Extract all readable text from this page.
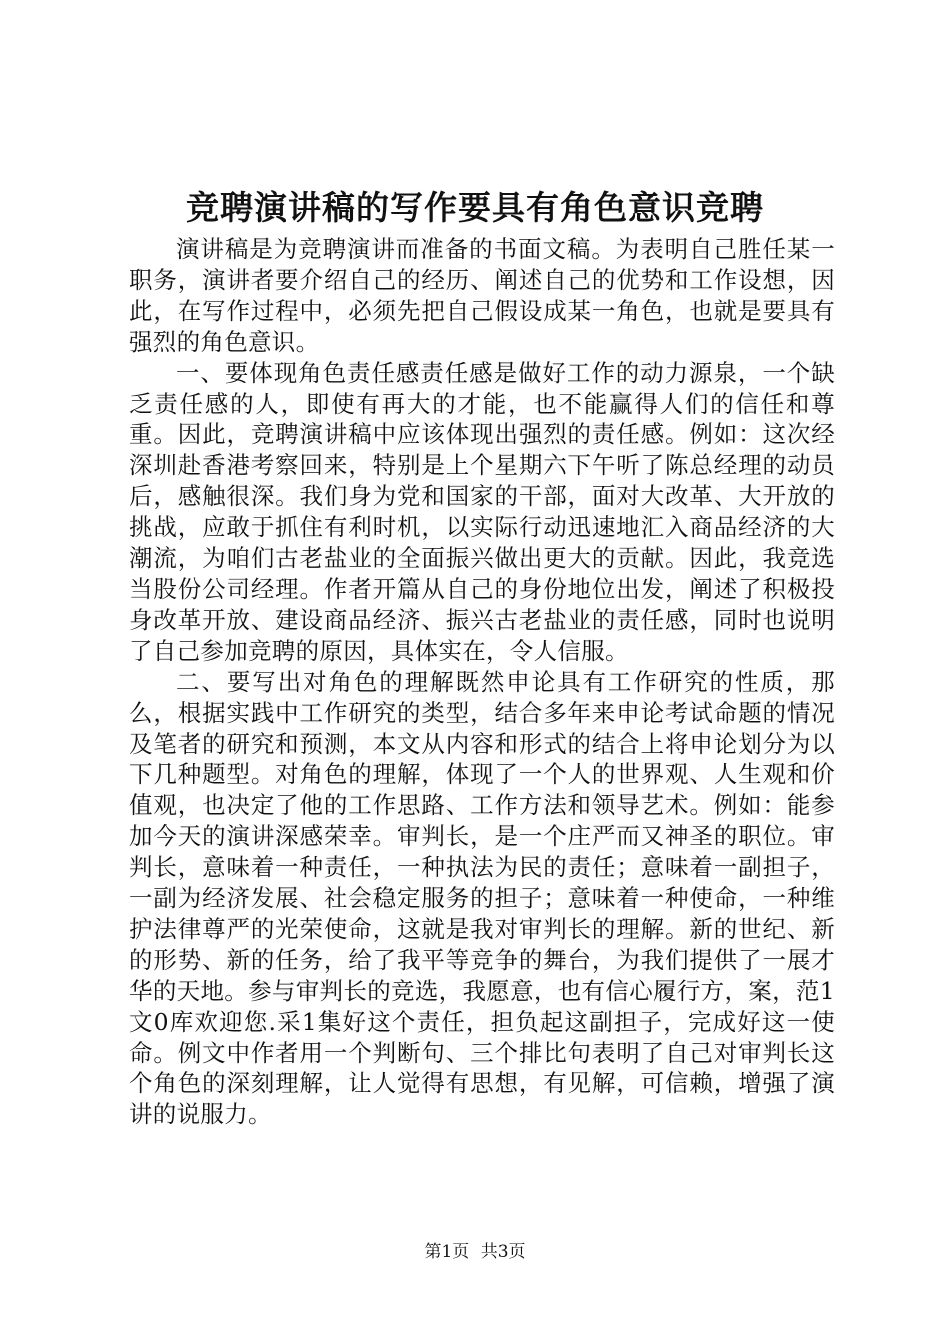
竞聘演讲稿的写作要具有角色意识竞聘

演讲稿是为竞聘演讲而准备的书面文稿。为表明自己胜任某一职务，演讲者要介绍自己的经历、阐述自己的优势和工作设想，因此，在写作过程中，必须先把自己假设成某一角色，也就是要具有强烈的角色意识。

一、要体现角色责任感责任感是做好工作的动力源泉，一个缺乏责任感的人，即使有再大的才能，也不能赢得人们的信任和尊重。因此，竞聘演讲稿中应该体现出强烈的责任感。例如：这次经深圳赴香港考察回来，特别是上个星期六下午听了陈总经理的动员后，感触很深。我们身为党和国家的干部，面对大改革、大开放的挑战，应敢于抓住有利时机，以实际行动迅速地汇入商品经济的大潮流，为咱们古老盐业的全面振兴做出更大的贡献。因此，我竞选当股份公司经理。作者开篇从自己的身份地位出发，阐述了积极投身改革开放、建设商品经济、振兴古老盐业的责任感，同时也说明了自己参加竞聘的原因，具体实在，令人信服。

二、要写出对角色的理解既然申论具有工作研究的性质，那么，根据实践中工作研究的类型，结合多年来申论考试命题的情况及笔者的研究和预测，本文从内容和形式的结合上将申论划分为以下几种题型。对角色的理解，体现了一个人的世界观、人生观和价值观，也决定了他的工作思路、工作方法和领导艺术。例如：能参加今天的演讲深感荣幸。审判长，是一个庄严而又神圣的职位。审判长，意味着一种责任，一种执法为民的责任；意味着一副担子，一副为经济发展、社会稳定服务的担子；意味着一种使命，一种维护法律尊严的光荣使命，这就是我对审判长的理解。新的世纪、新的形势、新的任务，给了我平等竞争的舞台，为我们提供了一展才华的天地。参与审判长的竞选，我愿意，也有信心履行方，案，范1文0库欢迎您.采1集好这个责任，担负起这副担子，完成好这一使命。例文中作者用一个判断句、三个排比句表明了自己对审判长这个角色的深刻理解，让人觉得有思想，有见解，可信赖，增强了演讲的说服力。

第1页 共3页
